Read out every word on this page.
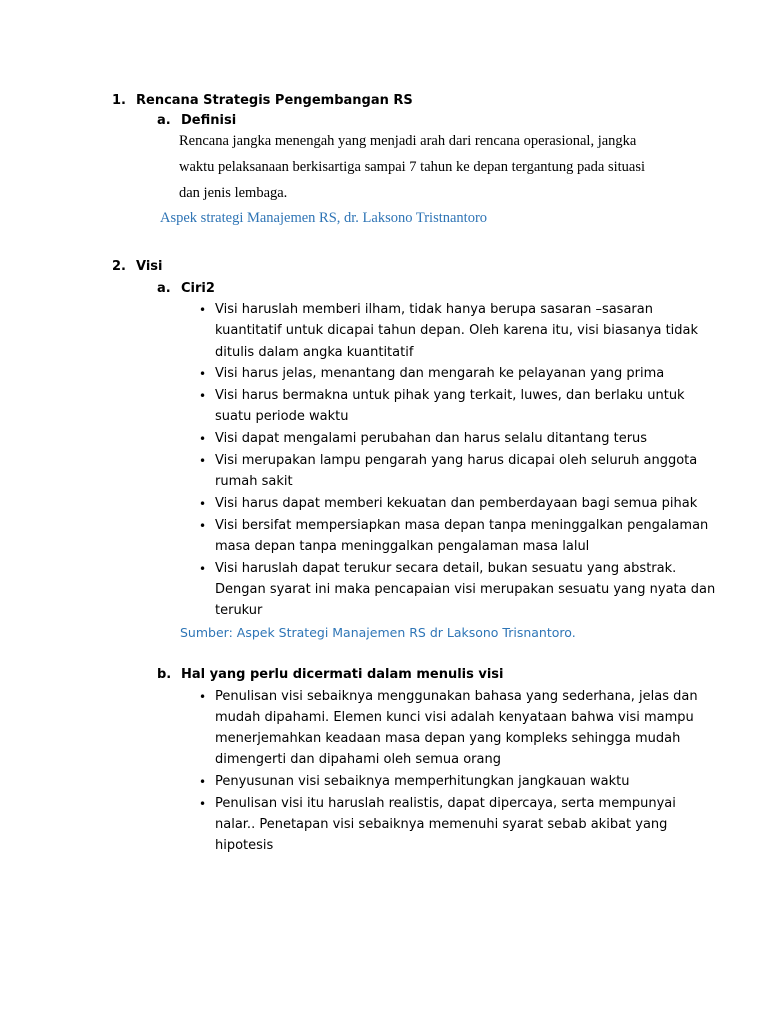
1. Rencana Strategis Pengembangan RS
a. Definisi
Rencana jangka menengah yang menjadi arah dari rencana operasional, jangka
waktu pelaksanaan berkisartiga sampai 7 tahun ke depan tergantung pada situasi
dan jenis lembaga.
Aspek strategi Manajemen RS, dr. Laksono Tristnantoro
2. Visi
a. Ciri2
• Visi haruslah memberi ilham, tidak hanya berupa sasaran –sasaran
kuantitatif untuk dicapai tahun depan. Oleh karena itu, visi biasanya tidak
ditulis dalam angka kuantitatif
• Visi harus jelas, menantang dan mengarah ke pelayanan yang prima
• Visi harus bermakna untuk pihak yang terkait, luwes, dan berlaku untuk
suatu periode waktu
• Visi dapat mengalami perubahan dan harus selalu ditantang terus
• Visi merupakan lampu pengarah yang harus dicapai oleh seluruh anggota
rumah sakit
• Visi harus dapat memberi kekuatan dan pemberdayaan bagi semua pihak
• Visi bersifat mempersiapkan masa depan tanpa meninggalkan pengalaman
masa depan tanpa meninggalkan pengalaman masa lalul
• Visi haruslah dapat terukur secara detail, bukan sesuatu yang abstrak.
Dengan syarat ini maka pencapaian visi merupakan sesuatu yang nyata dan
terukur
Sumber: Aspek Strategi Manajemen RS dr Laksono Trisnantoro.
b. Hal yang perlu dicermati dalam menulis visi
• Penulisan visi sebaiknya menggunakan bahasa yang sederhana, jelas dan
mudah dipahami. Elemen kunci visi adalah kenyataan bahwa visi mampu
menerjemahkan keadaan masa depan yang kompleks sehingga mudah
dimengerti dan dipahami oleh semua orang
• Penyusunan visi sebaiknya memperhitungkan jangkauan waktu
• Penulisan visi itu haruslah realistis, dapat dipercaya, serta mempunyai
nalar.. Penetapan visi sebaiknya memenuhi syarat sebab akibat yang
hipotesis
